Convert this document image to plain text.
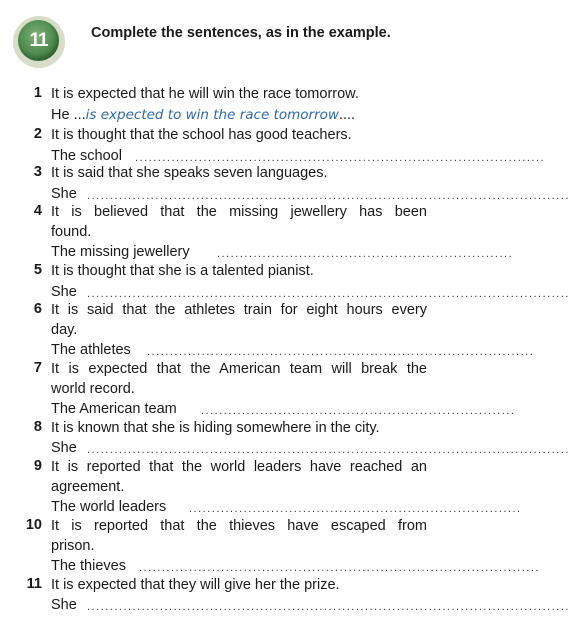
11	Complete the sentences, as in the example.
1 It is expected that he will win the race tomorrow.
He ...is expected to win the race tomorrow....
2 It is thought that the school has good teachers.
The school ..........................................................................................
3 It is said that she speaks seven languages.
She ..........................................................................................................
4 It is believed that the missing jewellery has been
found.
The missing jewellery .................................................................
5 It is thought that she is a talented pianist.
She ..........................................................................................................
6 It is said that the athletes train for eight hours every
day.
The athletes .....................................................................................
7 It is expected that the American team will break the
world record.
The American team .....................................................................
8 It is known that she is hiding somewhere in the city.
She ..........................................................................................................
9 It is reported that the world leaders have reached an
agreement.
The world leaders .........................................................................
10 It is reported that the thieves have escaped from
prison.
The thieves ........................................................................................
11 It is expected that they will give her the prize.
She ..........................................................................................................
